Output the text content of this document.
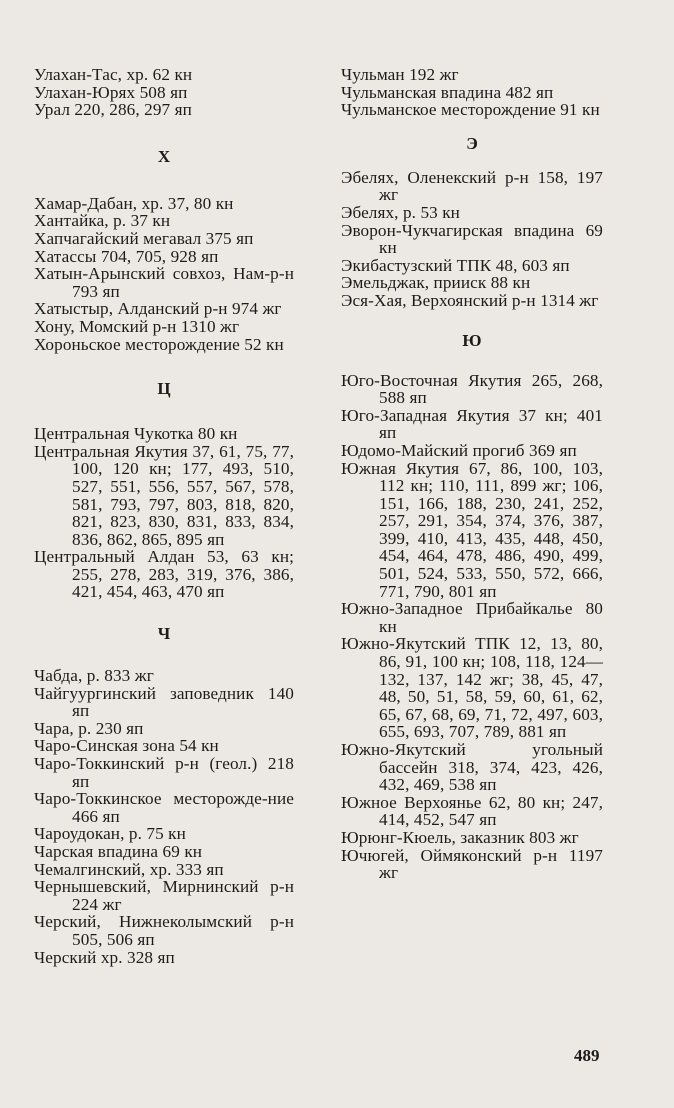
Улахан-Тас, хр. 62 кн
Улахан-Юрях 508 яп
Урал 220, 286, 297 яп
Х
Хамар-Дабан, хр. 37, 80 кн
Хантайка, р. 37 кн
Хапчагайский мегавал 375 яп
Хатассы 704, 705, 928 яп
Хатын-Арынский совхоз, Нам-р-н 793 яп
Хатыстыр, Алданский р-н 974 жг
Хону, Момский р-н 1310 жг
Хороньское месторождение 52 кн
Ц
Центральная Чукотка 80 кн
Центральная Якутия 37, 61, 75, 77, 100, 120 кн; 177, 493, 510, 527, 551, 556, 557, 567, 578, 581, 793, 797, 803, 818, 820, 821, 823, 830, 831, 833, 834, 836, 862, 865, 895 яп
Центральный Алдан 53, 63 кн; 255, 278, 283, 319, 376, 386, 421, 454, 463, 470 яп
Ч
Чабда, р. 833 жг
Чайгуургинский заповедник 140 яп
Чара, р. 230 яп
Чаро-Синская зона 54 кн
Чаро-Токкинский р-н (геол.) 218 яп
Чаро-Токкинское месторожде-ние 466 яп
Чароудокан, р. 75 кн
Чарская впадина 69 кн
Чемалгинский, хр. 333 яп
Чернышевский, Мирнинский р-н 224 жг
Черский, Нижнеколымский р-н 505, 506 яп
Черский хр. 328 яп
Чульман 192 жг
Чульманская впадина 482 яп
Чульманское месторождение 91 кн
Э
Эбелях, Оленекский р-н 158, 197 жг
Эбелях, р. 53 кн
Эворон-Чукчагирская впадина 69 кн
Экибастузский ТПК 48, 603 яп
Эмельджак, прииск 88 кн
Эся-Хая, Верхоянский р-н 1314 жг
Ю
Юго-Восточная Якутия 265, 268, 588 яп
Юго-Западная Якутия 37 кн; 401 яп
Юдомо-Майский прогиб 369 яп
Южная Якутия 67, 86, 100, 103, 112 кн; 110, 111, 899 жг; 106, 151, 166, 188, 230, 241, 252, 257, 291, 354, 374, 376, 387, 399, 410, 413, 435, 448, 450, 454, 464, 478, 486, 490, 499, 501, 524, 533, 550, 572, 666, 771, 790, 801 яп
Южно-Западное Прибайкалье 80 кн
Южно-Якутский ТПК 12, 13, 80, 86, 91, 100 кн; 108, 118, 124—132, 137, 142 жг; 38, 45, 47, 48, 50, 51, 58, 59, 60, 61, 62, 65, 67, 68, 69, 71, 72, 497, 603, 655, 693, 707, 789, 881 яп
Южно-Якутский угольный бассейн 318, 374, 423, 426, 432, 469, 538 яп
Южное Верхоянье 62, 80 кн; 247, 414, 452, 547 яп
Юрюнг-Кюель, заказник 803 жг
Ючюгей, Оймяконский р-н 1197 жг
489
